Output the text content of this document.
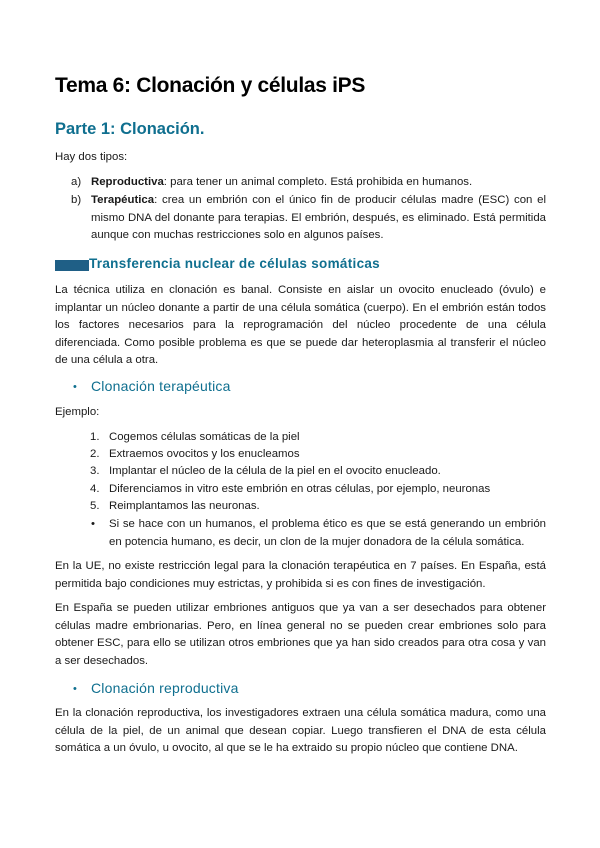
Tema 6: Clonación y células iPS
Parte 1: Clonación.
Hay dos tipos:
a) Reproductiva: para tener un animal completo. Está prohibida en humanos.
b) Terapéutica: crea un embrión con el único fin de producir células madre (ESC) con el mismo DNA del donante para terapias. El embrión, después, es eliminado. Está permitida aunque con muchas restricciones solo en algunos países.
Transferencia nuclear de células somáticas
La técnica utiliza en clonación es banal. Consiste en aislar un ovocito enucleado (óvulo) e implantar un núcleo donante a partir de una célula somática (cuerpo). En el embrión están todos los factores necesarios para la reprogramación del núcleo procedente de una célula diferenciada. Como posible problema es que se puede dar heteroplasmia al transferir el núcleo de una célula a otra.
• Clonación terapéutica
Ejemplo:
1. Cogemos células somáticas de la piel
2. Extraemos ovocitos y los enucleamos
3. Implantar el núcleo de la célula de la piel en el ovocito enucleado.
4. Diferenciamos in vitro este embrión en otras células, por ejemplo, neuronas
5. Reimplantamos las neuronas.
• Si se hace con un humanos, el problema ético es que se está generando un embrión en potencia humano, es decir, un clon de la mujer donadora de la célula somática.
En la UE, no existe restricción legal para la clonación terapéutica en 7 países. En España, está permitida bajo condiciones muy estrictas, y prohibida si es con fines de investigación.
En España se pueden utilizar embriones antiguos que ya van a ser desechados para obtener células madre embrionarias. Pero, en línea general no se pueden crear embriones solo para obtener ESC, para ello se utilizan otros embriones que ya han sido creados para otra cosa y van a ser desechados.
• Clonación reproductiva
En la clonación reproductiva, los investigadores extraen una célula somática madura, como una célula de la piel, de un animal que desean copiar. Luego transfieren el DNA de esta célula somática a un óvulo, u ovocito, al que se le ha extraido su propio núcleo que contiene DNA.
